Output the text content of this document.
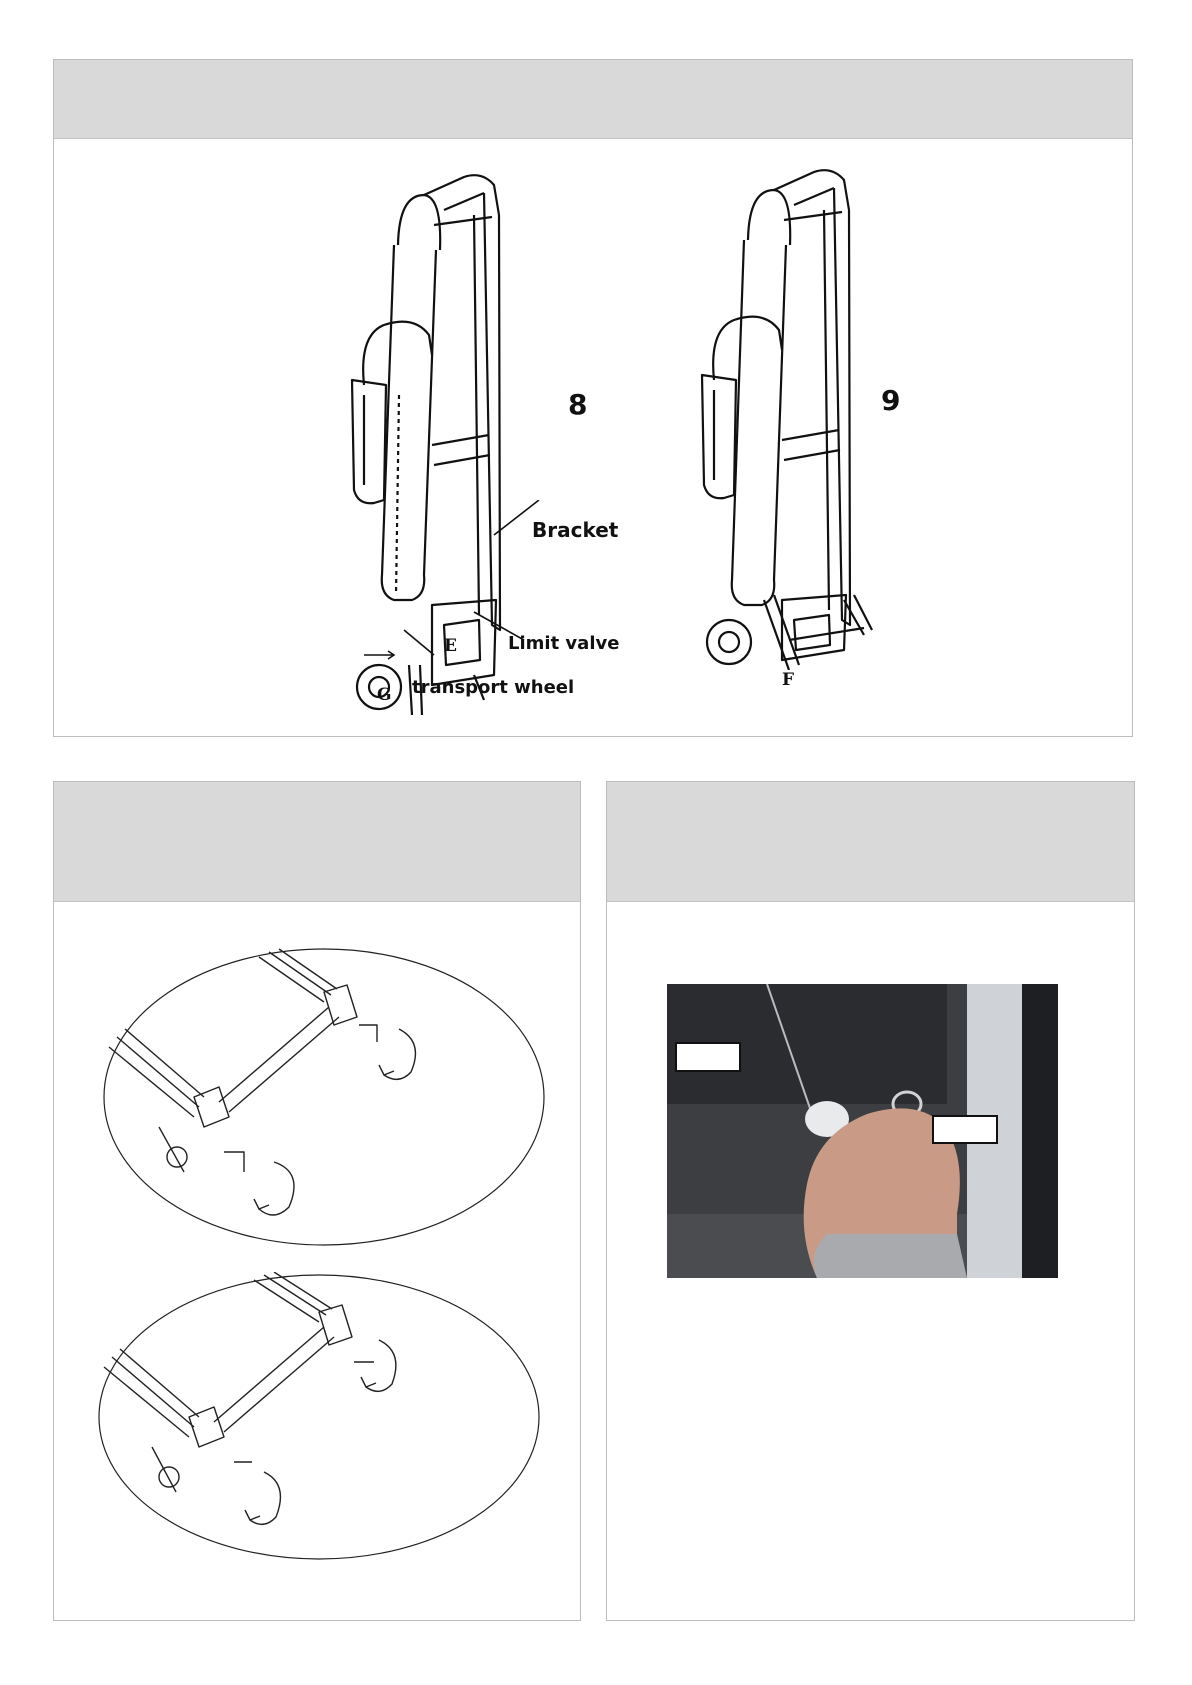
8
Bracket
Limit valve
transport wheel
E
G
9
F
